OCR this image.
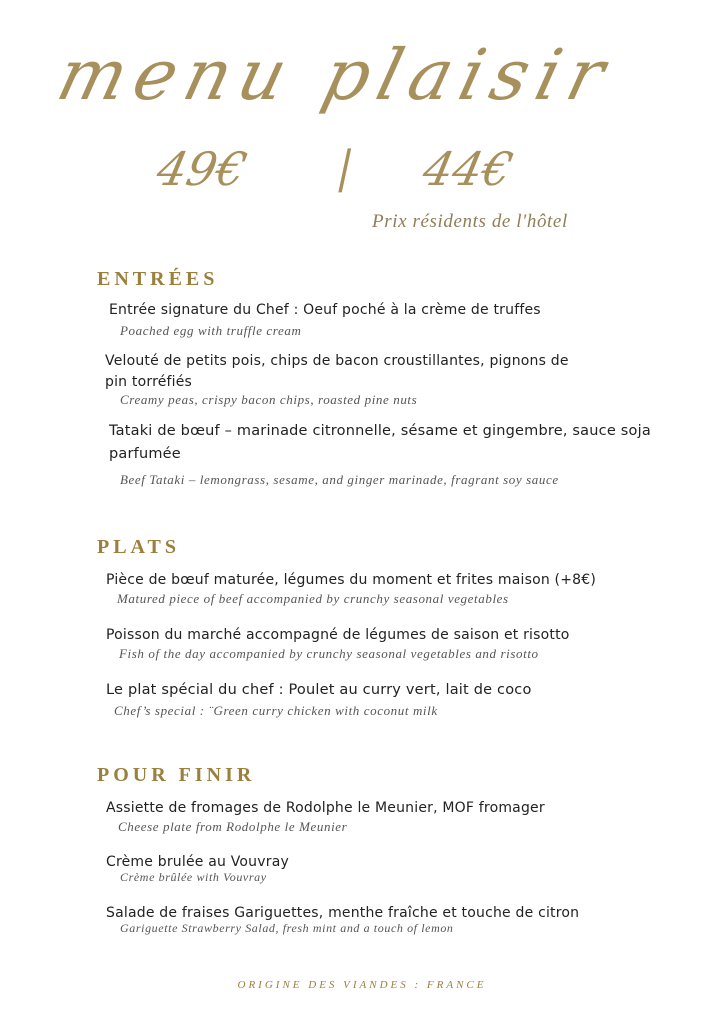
menu plaisir
49€ | 44€
Prix résidents de l'hôtel
ENTRÉES
Entrée signature du Chef : Oeuf poché à la crème de truffes
Poached egg with truffle cream
Velouté de petits pois, chips de bacon croustillantes, pignons de pin torréfiés
Creamy peas, crispy bacon chips, roasted pine nuts
Tataki de bœuf – marinade citronnelle, sésame et gingembre, sauce soja parfumée
Beef Tataki – lemongrass, sesame, and ginger marinade, fragrant soy sauce
PLATS
Pièce de bœuf maturée, légumes du moment et frites maison (+8€)
Matured piece of beef accompanied by crunchy seasonal vegetables
Poisson du marché accompagné de légumes de saison et risotto
Fish of the day accompanied by crunchy seasonal vegetables and risotto
Le plat spécial du chef : Poulet au curry vert, lait de coco
Chef’s special : ¨Green curry chicken with coconut milk
POUR FINIR
Assiette de fromages de Rodolphe le Meunier, MOF fromager
Cheese plate from Rodolphe le Meunier
Crème brulée au Vouvray
Crème brûlée with Vouvray
Salade de fraises Gariguettes, menthe fraîche et touche de citron
Gariguette Strawberry Salad, fresh mint and a touch of lemon
ORIGINE DES VIANDES : FRANCE
